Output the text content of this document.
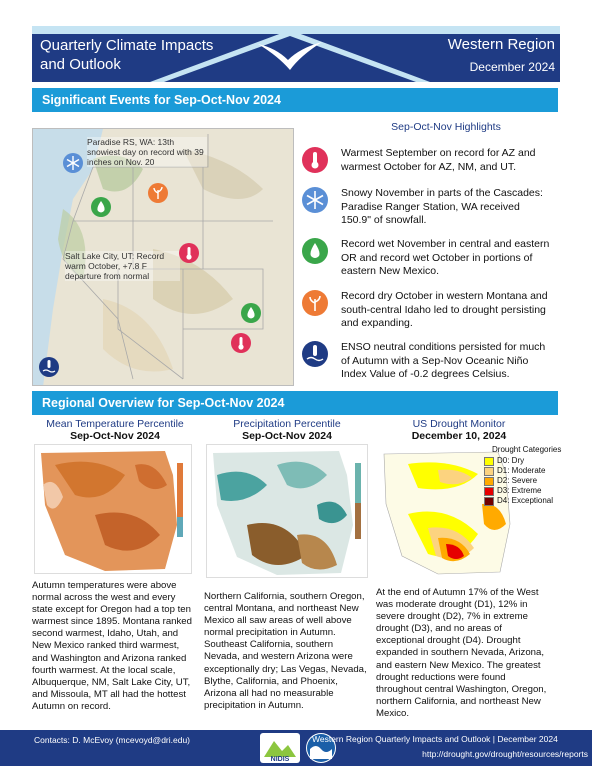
Quarterly Climate Impacts
and Outlook
Western Region
December 2024
Significant Events for Sep-Oct-Nov 2024
Paradise RS, WA: 13th snowiest day on record with 39 inches on Nov. 20
Salt Lake City, UT: Record warm October, +7.8 F departure from normal
Sep-Oct-Nov Highlights
Warmest September on record for AZ and warmest October for AZ, NM, and UT.
Snowy November in parts of the Cascades: Paradise Ranger Station, WA received 150.9" of snowfall.
Record wet November in central and eastern OR and record wet October in portions of eastern New Mexico.
Record dry October in western Montana and south-central Idaho led to drought persisting and expanding.
ENSO neutral conditions persisted for much of Autumn with a Sep-Nov Oceanic Niño Index Value of -0.2 degrees Celsius.
Regional Overview for Sep-Oct-Nov 2024
Mean Temperature Percentile
Sep-Oct-Nov 2024
Autumn temperatures were above normal across the west and every state except for Oregon had a top ten warmest since 1895. Montana ranked second warmest, Idaho, Utah, and New Mexico ranked third warmest, and Washington and Arizona ranked fourth warmest. At the local scale, Albuquerque, NM, Salt Lake City, UT, and Missoula, MT all had the hottest Autumn on record.
Precipitation Percentile
Sep-Oct-Nov 2024
Northern California, southern Oregon, central Montana, and northeast New Mexico all saw areas of well above normal precipitation in Autumn. Southeast California, southern Nevada, and western Arizona were exceptionally dry; Las Vegas, Nevada, Blythe, California, and Phoenix, Arizona all had no measurable precipitation in Autumn.
US Drought Monitor
December 10, 2024
Drought Categories
D0: Dry
D1: Moderate
D2: Severe
D3: Extreme
D4: Exceptional
At the end of Autumn 17% of the West was moderate drought (D1), 12% in severe drought (D2), 7% in extreme drought (D3), and no areas of exceptional drought (D4). Drought expanded in southern Nevada, Arizona, and eastern New Mexico. The greatest drought reductions were found throughout central Washington, Oregon, northern California, and northeast New Mexico.
Contacts: D. McEvoy (mcevoyd@dri.edu)
NIDIS
Western Region Quarterly Impacts and Outlook | December 2024
http://drought.gov/drought/resources/reports
